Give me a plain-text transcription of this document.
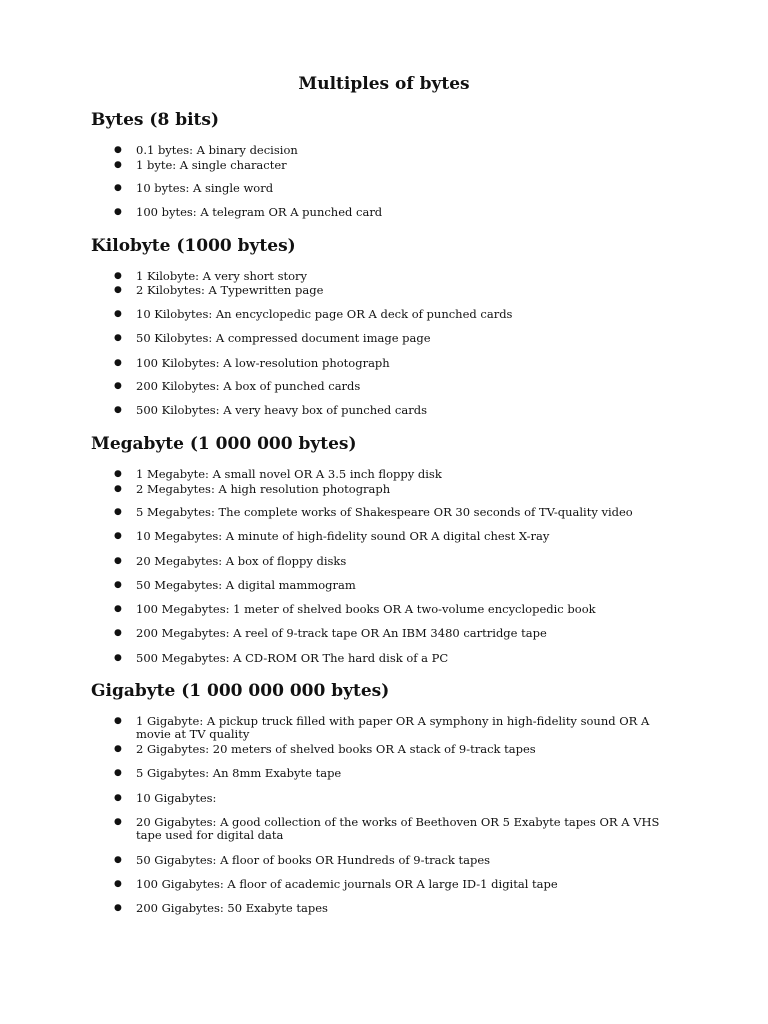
Multiples of bytes
Bytes (8 bits)
● 0.1 bytes: A binary decision
● 1 byte: A single character
● 10 bytes: A single word
● 100 bytes: A telegram OR A punched card
Kilobyte (1000 bytes)
● 1 Kilobyte: A very short story
● 2 Kilobytes: A Typewritten page
● 10 Kilobytes: An encyclopedic page OR A deck of punched cards
● 50 Kilobytes: A compressed document image page
● 100 Kilobytes: A low-resolution photograph
● 200 Kilobytes: A box of punched cards
● 500 Kilobytes: A very heavy box of punched cards
Megabyte (1 000 000 bytes)
● 1 Megabyte: A small novel OR A 3.5 inch floppy disk
● 2 Megabytes: A high resolution photograph
● 5 Megabytes: The complete works of Shakespeare OR 30 seconds of TV-quality video
● 10 Megabytes: A minute of high-fidelity sound OR A digital chest X-ray
● 20 Megabytes: A box of floppy disks
● 50 Megabytes: A digital mammogram
● 100 Megabytes: 1 meter of shelved books OR A two-volume encyclopedic book
● 200 Megabytes: A reel of 9-track tape OR An IBM 3480 cartridge tape
● 500 Megabytes: A CD-ROM OR The hard disk of a PC
Gigabyte (1 000 000 000 bytes)
● 1 Gigabyte: A pickup truck filled with paper OR A symphony in high-fidelity sound OR A movie at TV quality
● 2 Gigabytes: 20 meters of shelved books OR A stack of 9-track tapes
● 5 Gigabytes: An 8mm Exabyte tape
● 10 Gigabytes:
● 20 Gigabytes: A good collection of the works of Beethoven OR 5 Exabyte tapes OR A VHS tape used for digital data
● 50 Gigabytes: A floor of books OR Hundreds of 9-track tapes
● 100 Gigabytes: A floor of academic journals OR A large ID-1 digital tape
● 200 Gigabytes: 50 Exabyte tapes
